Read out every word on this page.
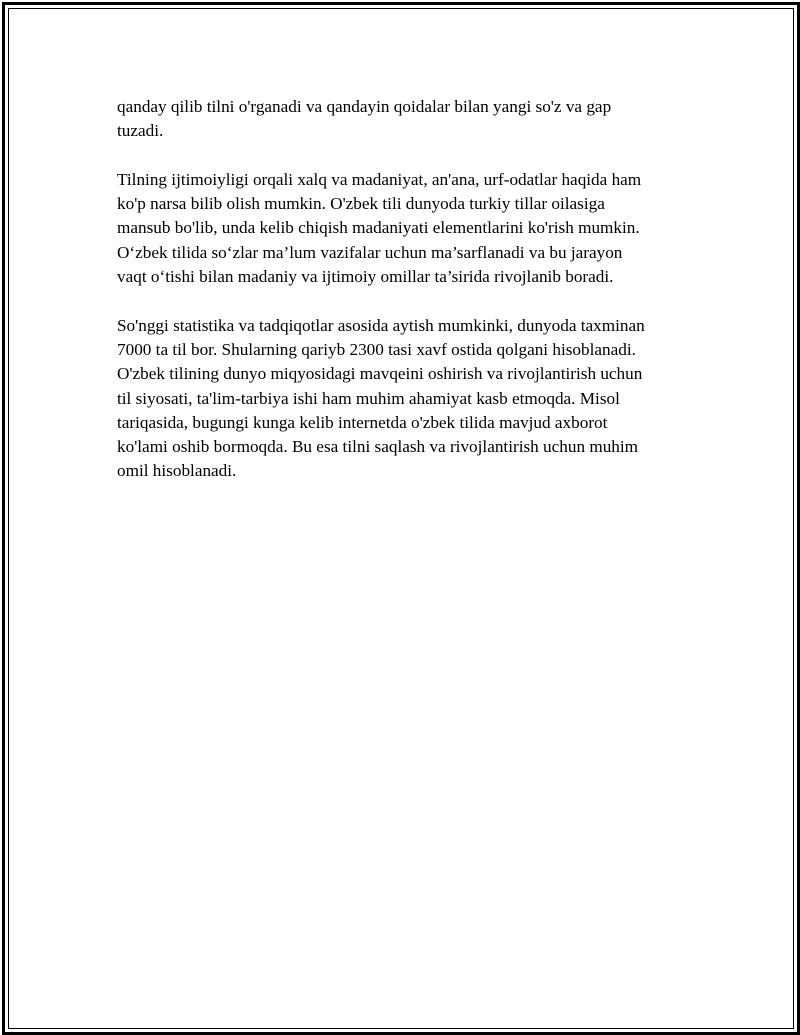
qanday qilib tilni o'rganadi va qandayin qoidalar bilan yangi so'z va gap
tuzadi.

Tilning ijtimoiyligi orqali xalq va madaniyat, an'ana, urf-odatlar haqida ham
ko'p narsa bilib olish mumkin. O'zbek tili dunyoda turkiy tillar oilasiga
mansub bo'lib, unda kelib chiqish madaniyati elementlarini ko'rish mumkin.
O‘zbek tilida so‘zlar ma’lum vazifalar uchun ma’sarflanadi va bu jarayon
vaqt o‘tishi bilan madaniy va ijtimoiy omillar ta’sirida rivojlanib boradi.

So'nggi statistika va tadqiqotlar asosida aytish mumkinki, dunyoda taxminan
7000 ta til bor. Shularning qariyb 2300 tasi xavf ostida qolgani hisoblanadi.
O'zbek tilining dunyo miqyosidagi mavqeini oshirish va rivojlantirish uchun
til siyosati, ta'lim-tarbiya ishi ham muhim ahamiyat kasb etmoqda. Misol
tariqasida, bugungi kunga kelib internetda o'zbek tilida mavjud axborot
ko'lami oshib bormoqda. Bu esa tilni saqlash va rivojlantirish uchun muhim
omil hisoblanadi.
